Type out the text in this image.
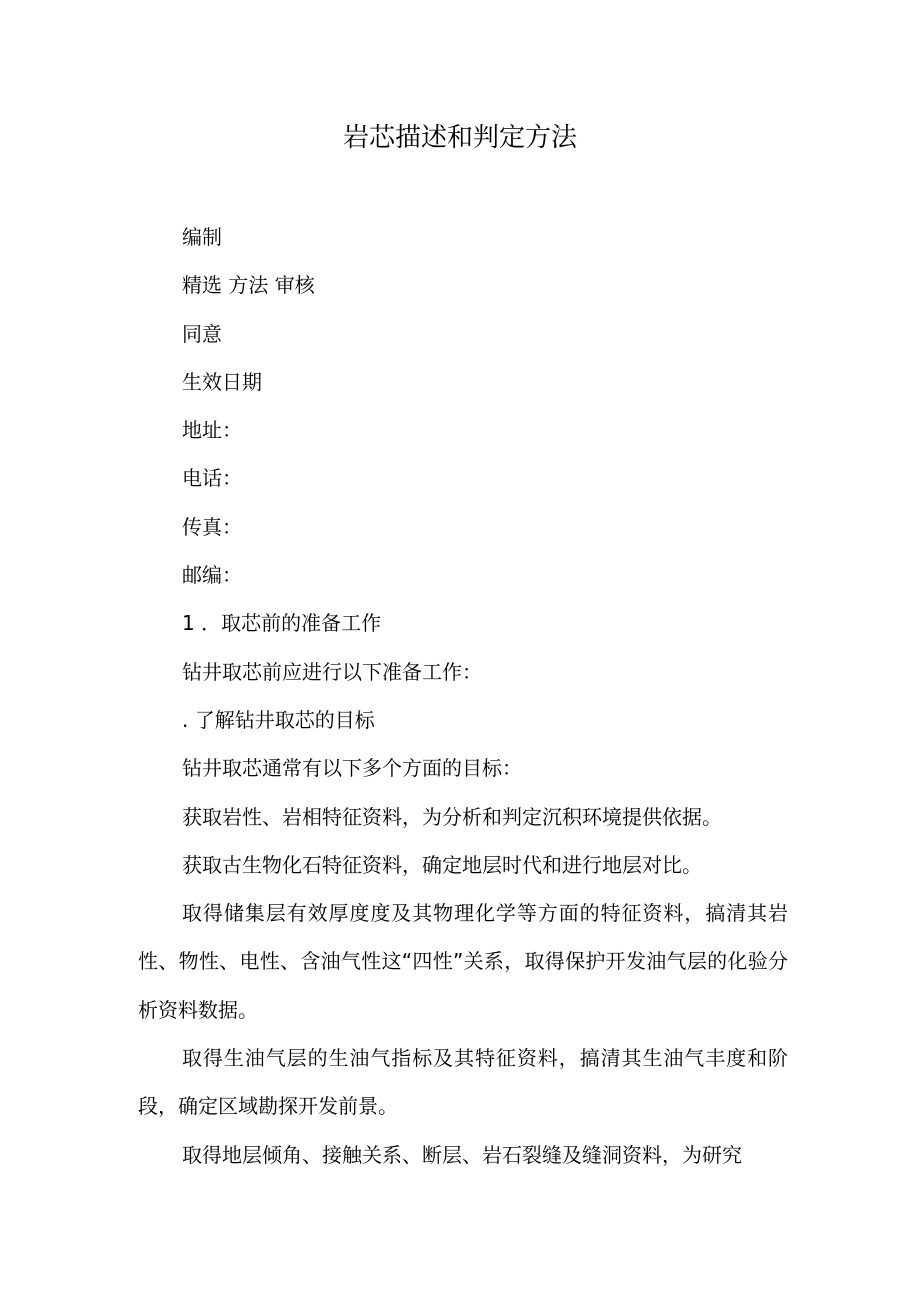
岩芯描述和判定方法

编制

精选 方法 审核

同意

生效日期

地址：

电话：

传真：

邮编：

1 ．取芯前的准备工作

钻井取芯前应进行以下准备工作：

. 了解钻井取芯的目标

钻井取芯通常有以下多个方面的目标：

获取岩性、岩相特征资料，为分析和判定沉积环境提供依据。

获取古生物化石特征资料，确定地层时代和进行地层对比。

取得储集层有效厚度度及其物理化学等方面的特征资料，搞清其岩性、物性、电性、含油气性这“四性”关系，取得保护开发油气层的化验分析资料数据。

取得生油气层的生油气指标及其特征资料，搞清其生油气丰度和阶段，确定区域勘探开发前景。

取得地层倾角、接触关系、断层、岩石裂缝及缝洞资料，为研究
